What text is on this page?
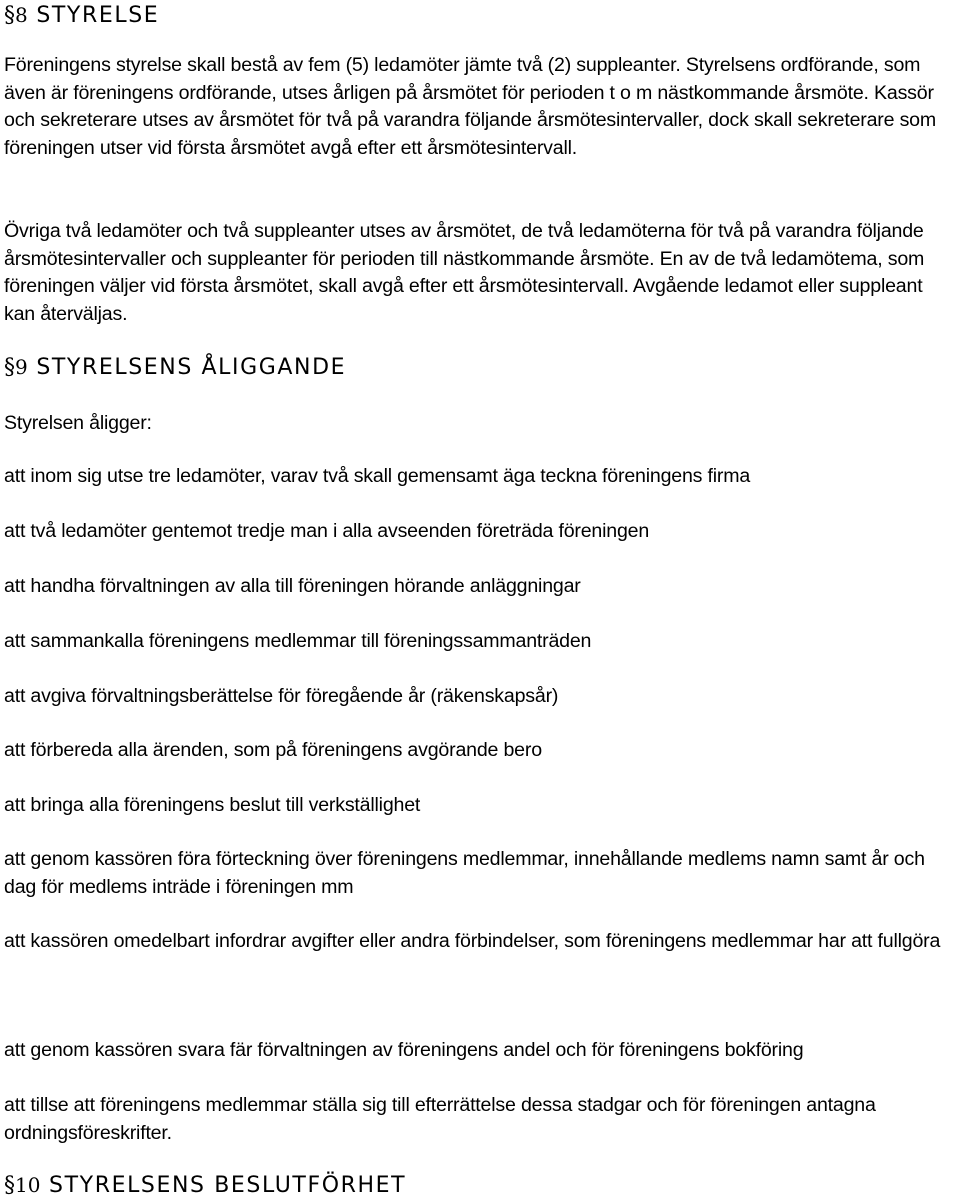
§8 STYRELSE

Föreningens styrelse skall bestå av fem (5) ledamöter jämte två (2) suppleanter. Styrelsens ordförande, som även är föreningens ordförande, utses årligen på årsmötet för perioden t o m nästkommande årsmöte. Kassör och sekreterare utses av årsmötet för två på varandra följande årsmötesintervaller, dock skall sekreterare som föreningen utser vid första årsmötet avgå efter ett årsmötesintervall.

Övriga två ledamöter och två suppleanter utses av årsmötet, de två ledamöterna för två på varandra följande årsmötesintervaller och suppleanter för perioden till nästkommande årsmöte. En av de två ledamötema, som föreningen väljer vid första årsmötet, skall avgå efter ett årsmötesintervall. Avgående ledamot eller suppleant kan återväljas.

§9 STYRELSENS ÅLIGGANDE

Styrelsen åligger:

att inom sig utse tre ledamöter, varav två skall gemensamt äga teckna föreningens firma

att två ledamöter gentemot tredje man i alla avseenden företräda föreningen

att handha förvaltningen av alla till föreningen hörande anläggningar

att sammankalla föreningens medlemmar till föreningssammanträden

att avgiva förvaltningsberättelse för föregående år (räkenskapsår)

att förbereda alla ärenden, som på föreningens avgörande bero

att bringa alla föreningens beslut till verkställighet

att genom kassören föra förteckning över föreningens medlemmar, innehållande medlems namn samt år och dag för medlems inträde i föreningen mm

att kassören omedelbart infordrar avgifter eller andra förbindelser, som föreningens medlemmar har att fullgöra

att genom kassören svara fär förvaltningen av föreningens andel och för föreningens bokföring

att tillse att föreningens medlemmar ställa sig till efterrättelse dessa stadgar och för föreningen antagna ordningsföreskrifter.

§10 STYRELSENS BESLUTFÖRHET
